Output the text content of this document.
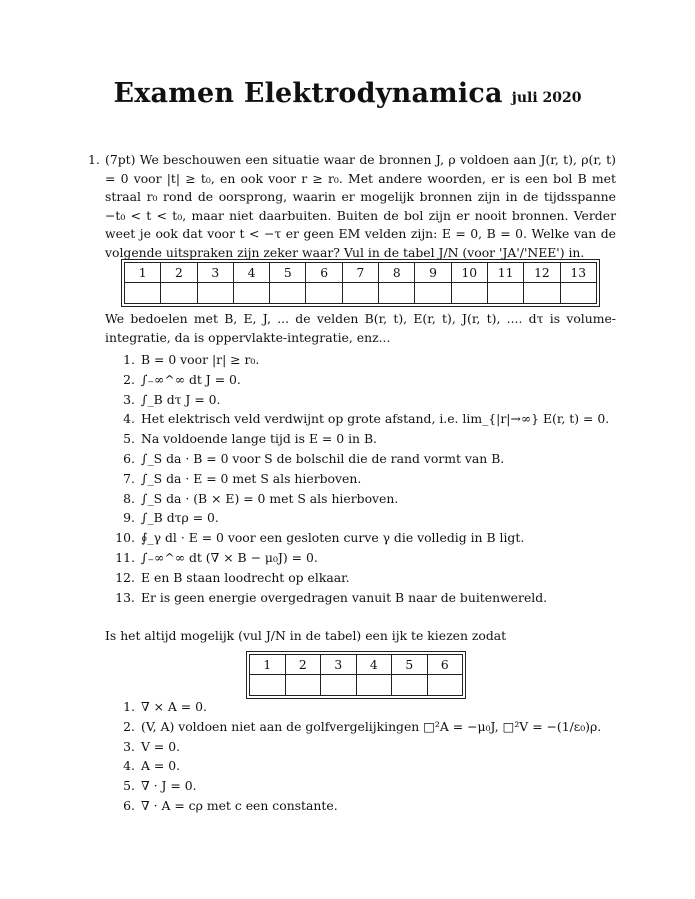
Examen Elektrodynamica juli 2020
1. (7pt) We beschouwen een situatie waar de bronnen J, ρ voldoen aan J(r, t), ρ(r, t) = 0 voor |t| ≥ t₀, en ook voor r ≥ r₀. Met andere woorden, er is een bol B met straal r₀ rond de oorsprong, waarin er mogelijk bronnen zijn in de tijdsspanne −t₀ < t < t₀, maar niet daarbuiten. Buiten de bol zijn er nooit bronnen. Verder weet je ook dat voor t < −τ er geen EM velden zijn: E = 0, B = 0. Welke van de volgende uitspraken zijn zeker waar? Vul in de tabel J/N (voor 'JA'/'NEE') in.
1	2	3	4	5	6	7	8	9	10	11	12	13

We bedoelen met B, E, J, ... de velden B(r, t), E(r, t), J(r, t), .... dτ is volume-integratie, da is oppervlakte-integratie, enz...
1. B = 0 voor |r| ≥ r₀.
2. ∫₋∞^∞ dt J = 0.
3. ∫_B dτ J = 0.
4. Het elektrisch veld verdwijnt op grote afstand, i.e. lim_{|r|→∞} E(r, t) = 0.
5. Na voldoende lange tijd is E = 0 in B.
6. ∫_S da · B = 0 voor S de bolschil die de rand vormt van B.
7. ∫_S da · E = 0 met S als hierboven.
8. ∫_S da · (B × E) = 0 met S als hierboven.
9. ∫_B dτρ = 0.
10. ∮_γ dl · E = 0 voor een gesloten curve γ die volledig in B ligt.
11. ∫₋∞^∞ dt (∇ × B − μ₀J) = 0.
12. E en B staan loodrecht op elkaar.
13. Er is geen energie overgedragen vanuit B naar de buitenwereld.
Is het altijd mogelijk (vul J/N in de tabel) een ijk te kiezen zodat
1	2	3	4	5	6

1. ∇ × A = 0.
2. (V, A) voldoen niet aan de golfvergelijkingen □²A = −μ₀J, □²V = −(1/ε₀)ρ.
3. V = 0.
4. A = 0.
5. ∇ · J = 0.
6. ∇ · A = cρ met c een constante.
